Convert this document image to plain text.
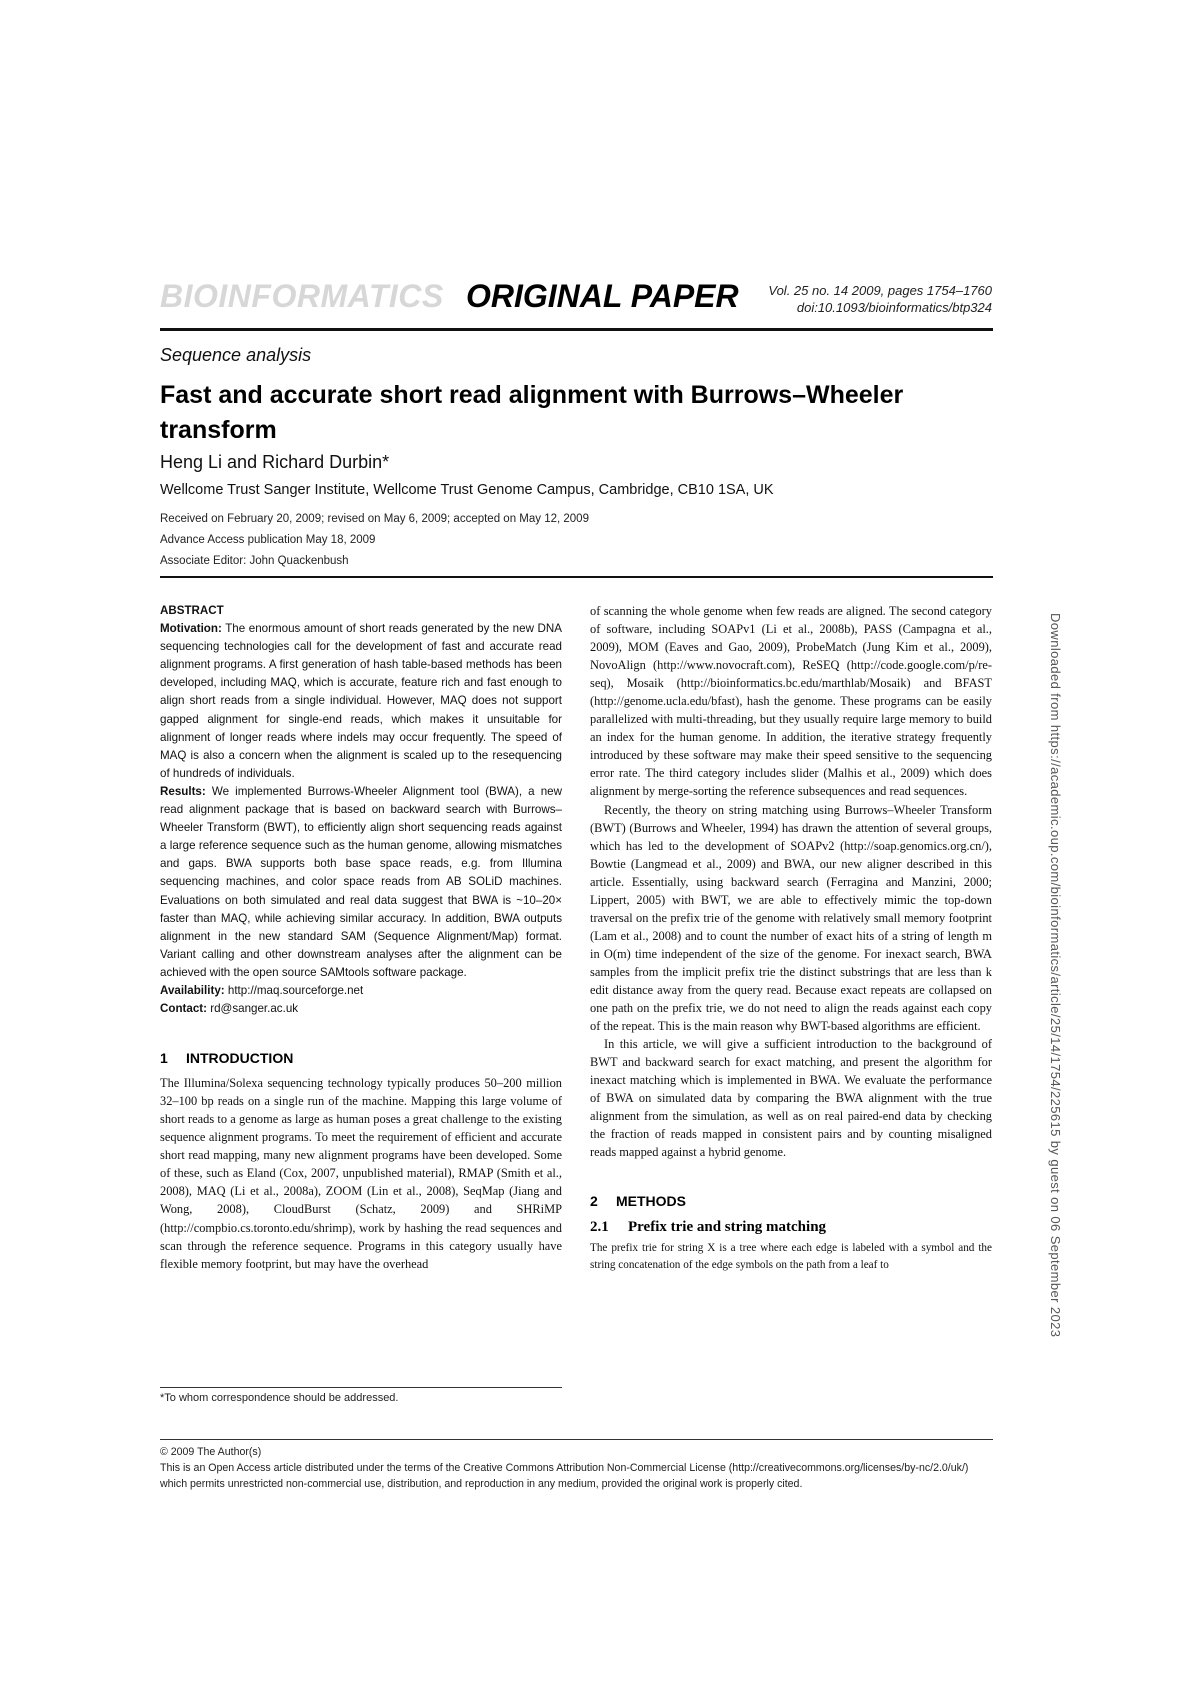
BIOINFORMATICS ORIGINAL PAPER Vol. 25 no. 14 2009, pages 1754–1760
doi:10.1093/bioinformatics/btp324
Sequence analysis
Fast and accurate short read alignment with Burrows–Wheeler transform
Heng Li and Richard Durbin*
Wellcome Trust Sanger Institute, Wellcome Trust Genome Campus, Cambridge, CB10 1SA, UK
Received on February 20, 2009; revised on May 6, 2009; accepted on May 12, 2009
Advance Access publication May 18, 2009
Associate Editor: John Quackenbush

ABSTRACT

Motivation: The enormous amount of short reads generated by the new DNA sequencing technologies call for the development of fast and accurate read alignment programs. A first generation of hash table-based methods has been developed, including MAQ, which is accurate, feature rich and fast enough to align short reads from a single individual. However, MAQ does not support gapped alignment for single-end reads, which makes it unsuitable for alignment of longer reads where indels may occur frequently. The speed of MAQ is also a concern when the alignment is scaled up to the resequencing of hundreds of individuals.

Results: We implemented Burrows-Wheeler Alignment tool (BWA), a new read alignment package that is based on backward search with Burrows–Wheeler Transform (BWT), to efficiently align short sequencing reads against a large reference sequence such as the human genome, allowing mismatches and gaps. BWA supports both base space reads, e.g. from Illumina sequencing machines, and color space reads from AB SOLiD machines. Evaluations on both simulated and real data suggest that BWA is ~10–20× faster than MAQ, while achieving similar accuracy. In addition, BWA outputs alignment in the new standard SAM (Sequence Alignment/Map) format. Variant calling and other downstream analyses after the alignment can be achieved with the open source SAMtools software package.

Availability: http://maq.sourceforge.net

Contact: rd@sanger.ac.uk

1 INTRODUCTION

The Illumina/Solexa sequencing technology typically produces 50–200 million 32–100 bp reads on a single run of the machine. Mapping this large volume of short reads to a genome as large as human poses a great challenge to the existing sequence alignment programs. To meet the requirement of efficient and accurate short read mapping, many new alignment programs have been developed. Some of these, such as Eland (Cox, 2007, unpublished material), RMAP (Smith et al., 2008), MAQ (Li et al., 2008a), ZOOM (Lin et al., 2008), SeqMap (Jiang and Wong, 2008), CloudBurst (Schatz, 2009) and SHRiMP (http://compbio.cs.toronto.edu/shrimp), work by hashing the read sequences and scan through the reference sequence. Programs in this category usually have flexible memory footprint, but may have the overhead

of scanning the whole genome when few reads are aligned. The second category of software, including SOAPv1 (Li et al., 2008b), PASS (Campagna et al., 2009), MOM (Eaves and Gao, 2009), ProbeMatch (Jung Kim et al., 2009), NovoAlign (http://www.novocraft.com), ReSEQ (http://code.google.com/p/re-seq), Mosaik (http://bioinformatics.bc.edu/marthlab/Mosaik) and BFAST (http://genome.ucla.edu/bfast), hash the genome. These programs can be easily parallelized with multi-threading, but they usually require large memory to build an index for the human genome. In addition, the iterative strategy frequently introduced by these software may make their speed sensitive to the sequencing error rate. The third category includes slider (Malhis et al., 2009) which does alignment by merge-sorting the reference subsequences and read sequences.

Recently, the theory on string matching using Burrows–Wheeler Transform (BWT) (Burrows and Wheeler, 1994) has drawn the attention of several groups, which has led to the development of SOAPv2 (http://soap.genomics.org.cn/), Bowtie (Langmead et al., 2009) and BWA, our new aligner described in this article. Essentially, using backward search (Ferragina and Manzini, 2000; Lippert, 2005) with BWT, we are able to effectively mimic the top-down traversal on the prefix trie of the genome with relatively small memory footprint (Lam et al., 2008) and to count the number of exact hits of a string of length m in O(m) time independent of the size of the genome. For inexact search, BWA samples from the implicit prefix trie the distinct substrings that are less than k edit distance away from the query read. Because exact repeats are collapsed on one path on the prefix trie, we do not need to align the reads against each copy of the repeat. This is the main reason why BWT-based algorithms are efficient.

In this article, we will give a sufficient introduction to the background of BWT and backward search for exact matching, and present the algorithm for inexact matching which is implemented in BWA. We evaluate the performance of BWA on simulated data by comparing the BWA alignment with the true alignment from the simulation, as well as on real paired-end data by checking the fraction of reads mapped in consistent pairs and by counting misaligned reads mapped against a hybrid genome.

2 METHODS
2.1 Prefix trie and string matching
The prefix trie for string X is a tree where each edge is labeled with a symbol and the string concatenation of the edge symbols on the path from a leaf to
*To whom correspondence should be addressed.
© 2009 The Author(s)
This is an Open Access article distributed under the terms of the Creative Commons Attribution Non-Commercial License (http://creativecommons.org/licenses/by-nc/2.0/uk/) which permits unrestricted non-commercial use, distribution, and reproduction in any medium, provided the original work is properly cited.
Downloaded from https://academic.oup.com/bioinformatics/article/25/14/1754/225615 by guest on 06 September 2023
